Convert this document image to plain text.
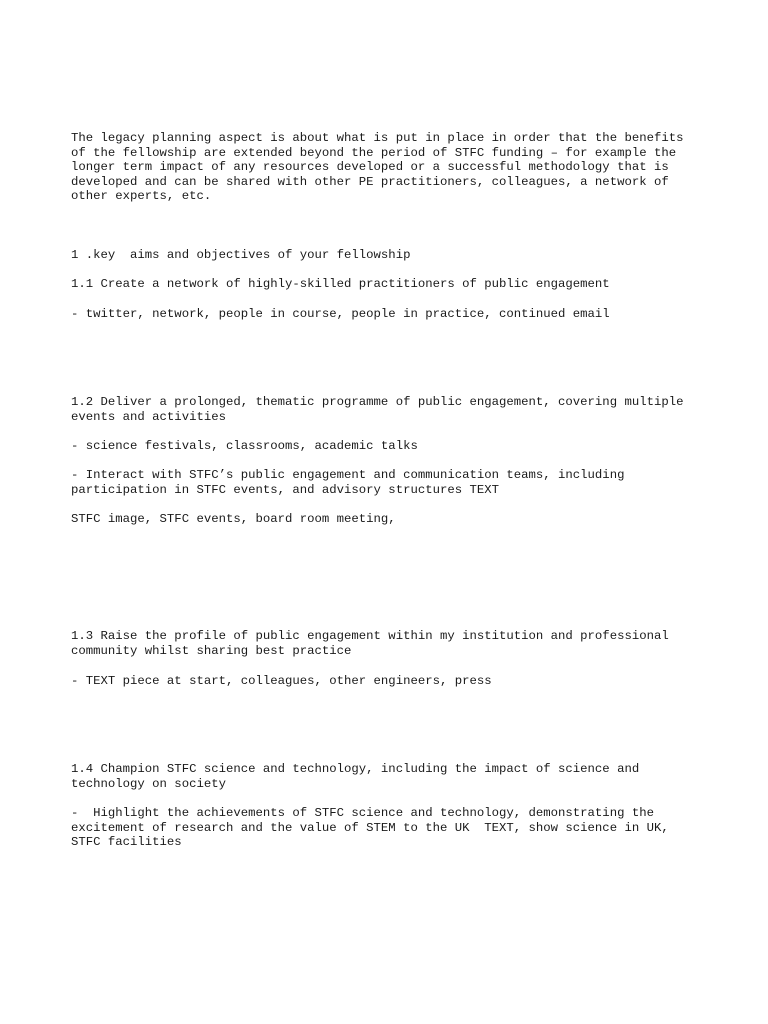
The legacy planning aspect is about what is put in place in order that the benefits
of the fellowship are extended beyond the period of STFC funding – for example the
longer term impact of any resources developed or a successful methodology that is
developed and can be shared with other PE practitioners, colleagues, a network of
other experts, etc.

1 .key  aims and objectives of your fellowship

1.1 Create a network of highly-skilled practitioners of public engagement

- twitter, network, people in course, people in practice, continued email

1.2 Deliver a prolonged, thematic programme of public engagement, covering multiple
events and activities

- science festivals, classrooms, academic talks

- Interact with STFC’s public engagement and communication teams, including
participation in STFC events, and advisory structures TEXT

STFC image, STFC events, board room meeting,

1.3 Raise the profile of public engagement within my institution and professional
community whilst sharing best practice

- TEXT piece at start, colleagues, other engineers, press

1.4 Champion STFC science and technology, including the impact of science and
technology on society

-  Highlight the achievements of STFC science and technology, demonstrating the
excitement of research and the value of STEM to the UK  TEXT, show science in UK,
STFC facilities
